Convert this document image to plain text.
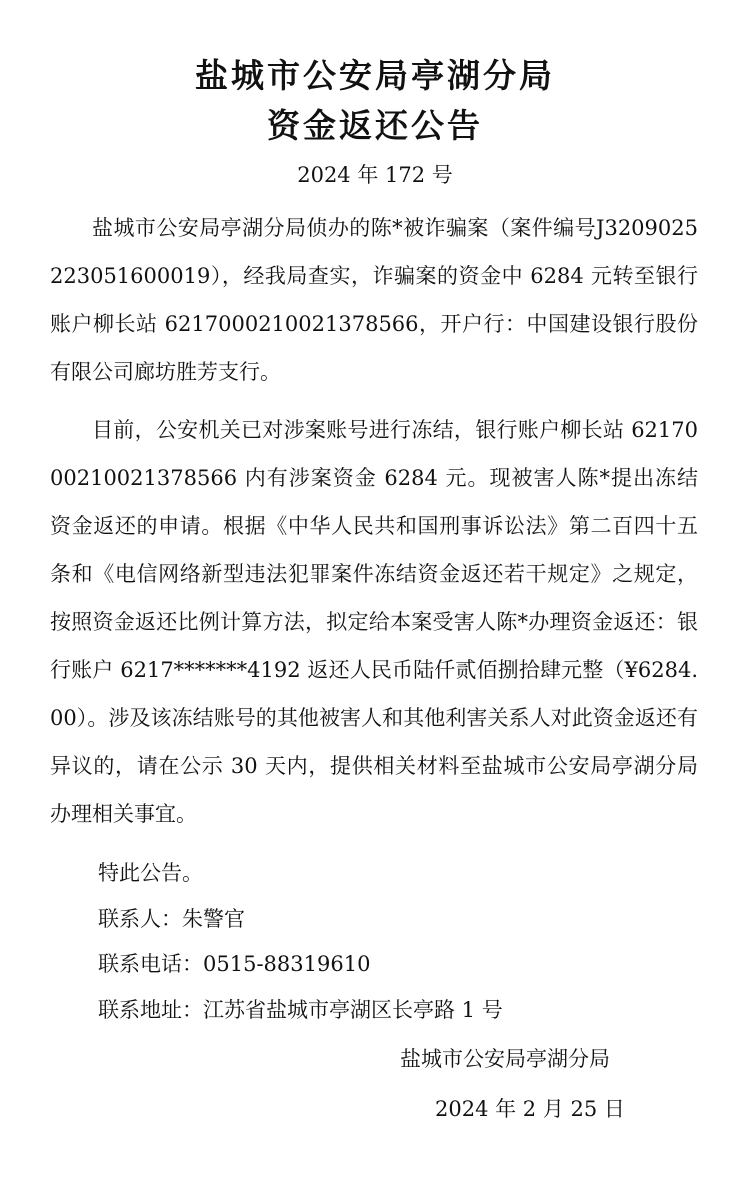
盐城市公安局亭湖分局
资金返还公告
2024 年 172 号

盐城市公安局亭湖分局侦办的陈*被诈骗案（案件编号J3209025223051600019），经我局查实，诈骗案的资金中 6284 元转至银行账户柳长站 6217000210021378566，开户行：中国建设银行股份有限公司廊坊胜芳支行。

目前，公安机关已对涉案账号进行冻结，银行账户柳长站 6217000210021378566 内有涉案资金 6284 元。现被害人陈*提出冻结资金返还的申请。根据《中华人民共和国刑事诉讼法》第二百四十五条和《电信网络新型违法犯罪案件冻结资金返还若干规定》之规定，按照资金返还比例计算方法，拟定给本案受害人陈*办理资金返还：银行账户 6217*******4192 返还人民币陆仟贰佰捌拾肆元整（¥6284.00）。涉及该冻结账号的其他被害人和其他利害关系人对此资金返还有异议的，请在公示 30 天内，提供相关材料至盐城市公安局亭湖分局办理相关事宜。

特此公告。
联系人：朱警官
联系电话：0515-88319610
联系地址：江苏省盐城市亭湖区长亭路 1 号
盐城市公安局亭湖分局
2024 年 2 月 25 日
